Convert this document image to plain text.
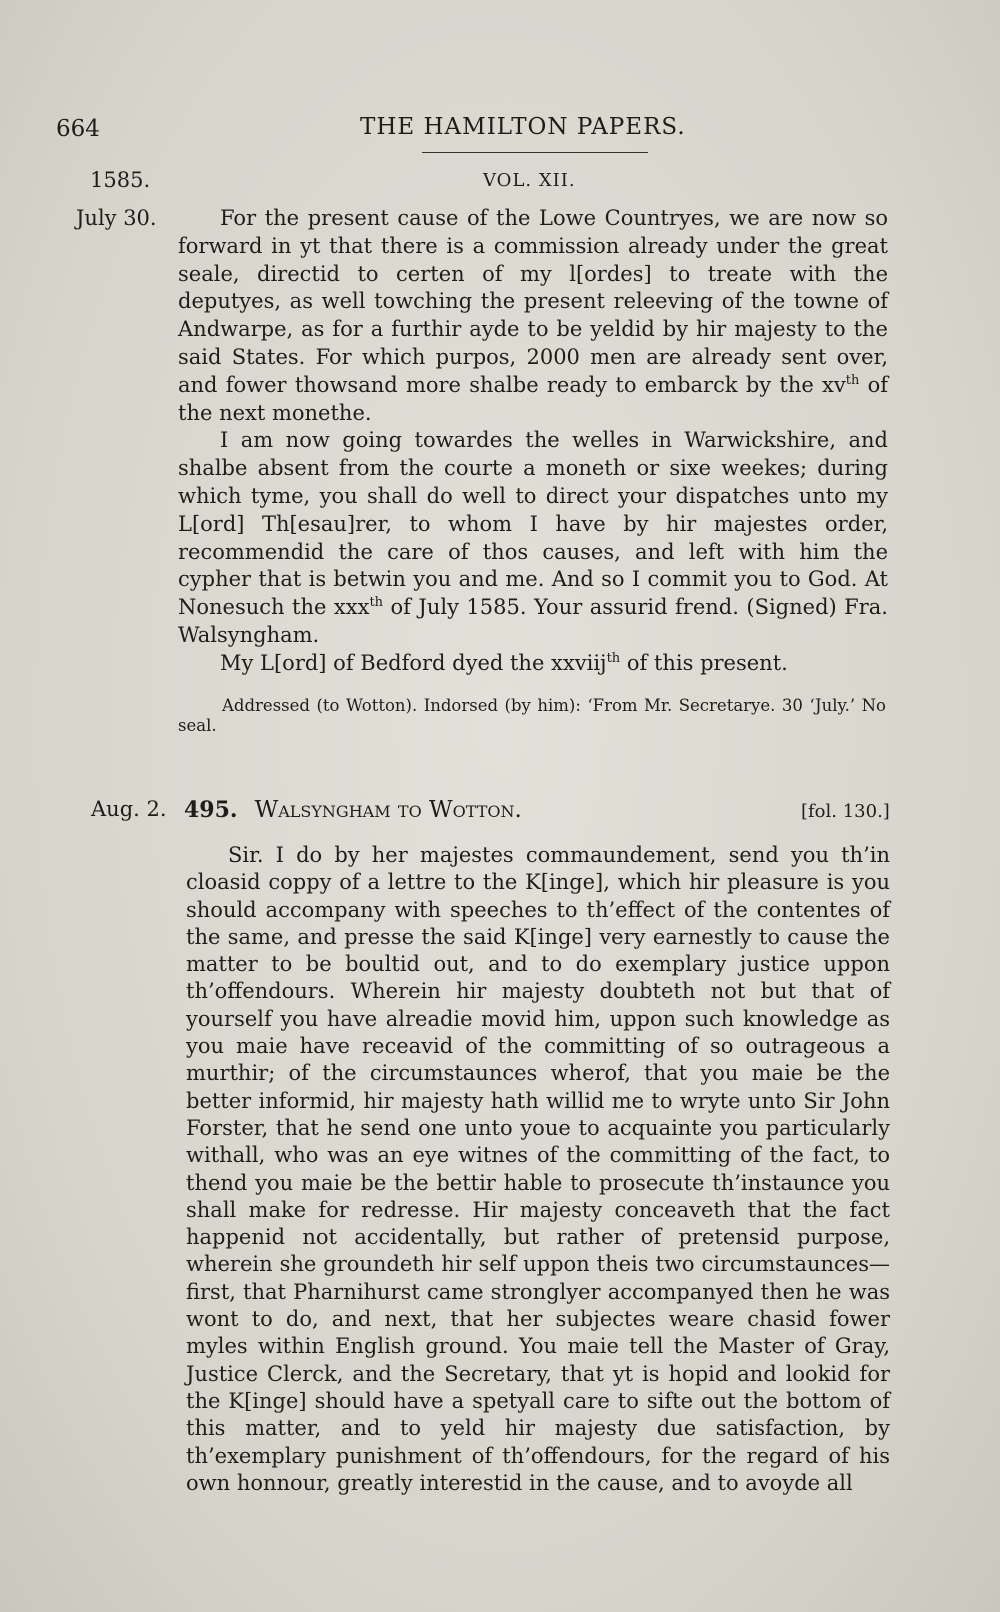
664	THE HAMILTON PAPERS.
1585.	VOL. XII.
July 30.	For the present cause of the Lowe Countryes, we are now so forward in yt that there is a commission already under the great seale, directid to certen of my l[ordes] to treate with the deputyes, as well towching the present releeving of the towne of Andwarpe, as for a furthir ayde to be yeldid by hir majesty to the said States. For which purpos, 2000 men are already sent over, and fower thowsand more shalbe ready to embarck by the $xv^{th}$ of the next monethe.

I am now going towardes the welles in Warwickshire, and shalbe absent from the courte a moneth or sixe weekes; during which tyme, you shall do well to direct your dispatches unto my L[ord] Th[esau]rer, to whom I have by hir majestes order, recommendid the care of thos causes, and left with him the cypher that is betwin you and me. And so I commit you to God. At Nonesuch the xxx$^{th}$ of July 1585. Your assurid frend. (Signed) Fra. Walsyngham.

My L[ord] of Bedford dyed the xxviij$^{th}$ of this present.

Addressed (to Wotton). Indorsed (by him): ‘From Mr. Secretarye. 30 ‘July.’ No seal.
Aug. 2. 495. Walsyngham to Wotton.	[fol. 130.]

Sir. I do by her majestes commaundement, send you th’in cloasid coppy of a lettre to the K[inge], which hir pleasure is you should accompany with speeches to th’effect of the contentes of the same, and presse the said K[inge] very earnestly to cause the matter to be boultid out, and to do exemplary justice uppon th’offendours. Wherein hir majesty doubteth not but that of yourself you have alreadie movid him, uppon such knowledge as you maie have receavid of the committing of so outrageous a murthir; of the circumstaunces wherof, that you maie be the better informid, hir majesty hath willid me to wryte unto Sir John Forster, that he send one unto youe to acquainte you particularly withall, who was an eye witnes of the committing of the fact, to thend you maie be the bettir hable to prosecute th’instaunce you shall make for redresse. Hir majesty conceaveth that the fact happenid not accidentally, but rather of pretensid purpose, wherein she groundeth hir self uppon theis two circumstaunces—first, that Pharnihurst came stronglyer accompanyed then he was wont to do, and next, that her subjectes weare chasid fower myles within English ground. You maie tell the Master of Gray, Justice Clerck, and the Secretary, that yt is hopid and lookid for the K[inge] should have a spetyall care to sifte out the bottom of this matter, and to yeld hir majesty due satisfaction, by th’exemplary punishment of th’offendours, for the regard of his own honnour, greatly interestid in the cause, and to avoyde all
